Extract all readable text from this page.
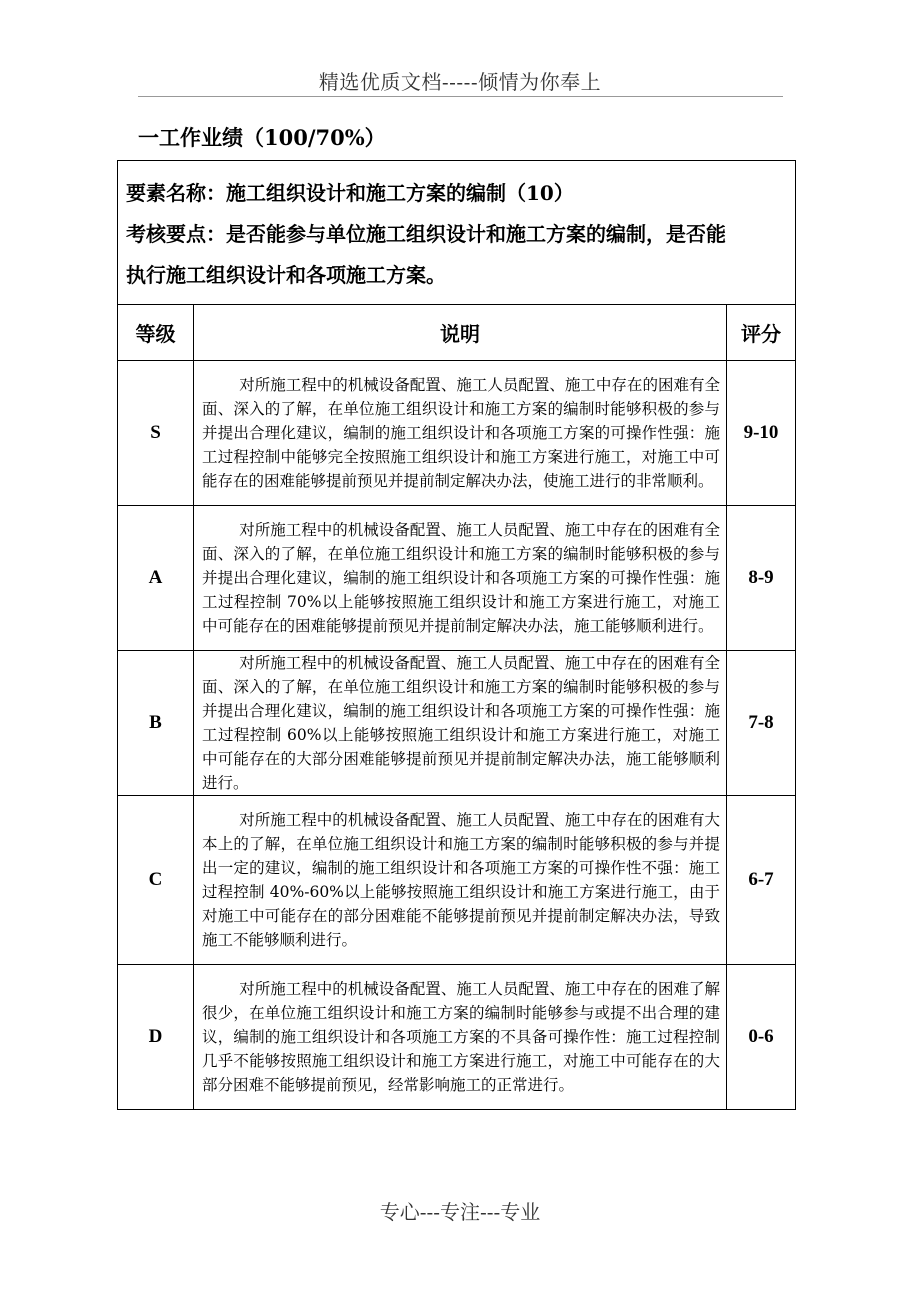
精选优质文档-----倾情为你奉上
一工作业绩（100/70%）
要素名称：施工组织设计和施工方案的编制（10）
考核要点：是否能参与单位施工组织设计和施工方案的编制，是否能
执行施工组织设计和各项施工方案。		

等级	说明	评分
S	对所施工程中的机械设备配置、施工人员配置、施工中存在的困难有全面、深入的了解，在单位施工组织设计和施工方案的编制时能够积极的参与并提出合理化建议，编制的施工组织设计和各项施工方案的可操作性强：施工过程控制中能够完全按照施工组织设计和施工方案进行施工，对施工中可能存在的困难能够提前预见并提前制定解决办法，使施工进行的非常顺利。	9-10
A	对所施工程中的机械设备配置、施工人员配置、施工中存在的困难有全面、深入的了解，在单位施工组织设计和施工方案的编制时能够积极的参与并提出合理化建议，编制的施工组织设计和各项施工方案的可操作性强：施工过程控制 70%以上能够按照施工组织设计和施工方案进行施工，对施工中可能存在的困难能够提前预见并提前制定解决办法，施工能够顺利进行。	8-9
B	对所施工程中的机械设备配置、施工人员配置、施工中存在的困难有全面、深入的了解，在单位施工组织设计和施工方案的编制时能够积极的参与并提出合理化建议，编制的施工组织设计和各项施工方案的可操作性强：施工过程控制 60%以上能够按照施工组织设计和施工方案进行施工，对施工中可能存在的大部分困难能够提前预见并提前制定解决办法，施工能够顺利进行。	7-8
C	对所施工程中的机械设备配置、施工人员配置、施工中存在的困难有大本上的了解，在单位施工组织设计和施工方案的编制时能够积极的参与并提出一定的建议，编制的施工组织设计和各项施工方案的可操作性不强：施工过程控制 40%-60%以上能够按照施工组织设计和施工方案进行施工，由于对施工中可能存在的部分困难能不能够提前预见并提前制定解决办法，导致施工不能够顺利进行。	6-7
D	对所施工程中的机械设备配置、施工人员配置、施工中存在的困难了解很少，在单位施工组织设计和施工方案的编制时能够参与或提不出合理的建议，编制的施工组织设计和各项施工方案的不具备可操作性：施工过程控制几乎不能够按照施工组织设计和施工方案进行施工，对施工中可能存在的大部分困难不能够提前预见，经常影响施工的正常进行。	0-6
专心---专注---专业
